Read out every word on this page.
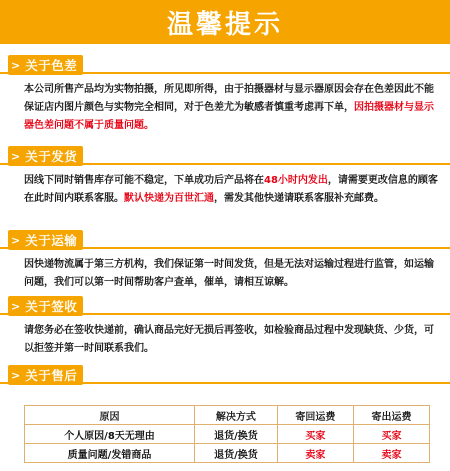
温馨提示
> 关于色差
本公司所售产品均为实物拍摄，所见即所得，由于拍摄器材与显示器原因会存在色差因此不能保证店内图片颜色与实物完全相同，对于色差尤为敏感者慎重考虑再下单，因拍摄器材与显示器色差问题不属于质量问题。
> 关于发货
因线下同时销售库存可能不稳定，下单成功后产品将在48小时内发出，请需要更改信息的顾客在此时间内联系客服。默认快递为百世汇通，需发其他快递请联系客服补充邮费。
> 关于运输
因快递物流属于第三方机构，我们保证第一时间发货，但是无法对运输过程进行监管，如运输问题，我们可以第一时间帮助客户查单，催单，请相互谅解。
> 关于签收
请您务必在签收快递前，确认商品完好无损后再签收，如检验商品过程中发现缺货、少货，可以拒签并第一时间联系我们。
> 关于售后
原因	解决方式	寄回运费	寄出运费
个人原因/8天无理由	退货/换货	买家	买家
质量问题/发错商品	退货/换货	卖家	卖家
